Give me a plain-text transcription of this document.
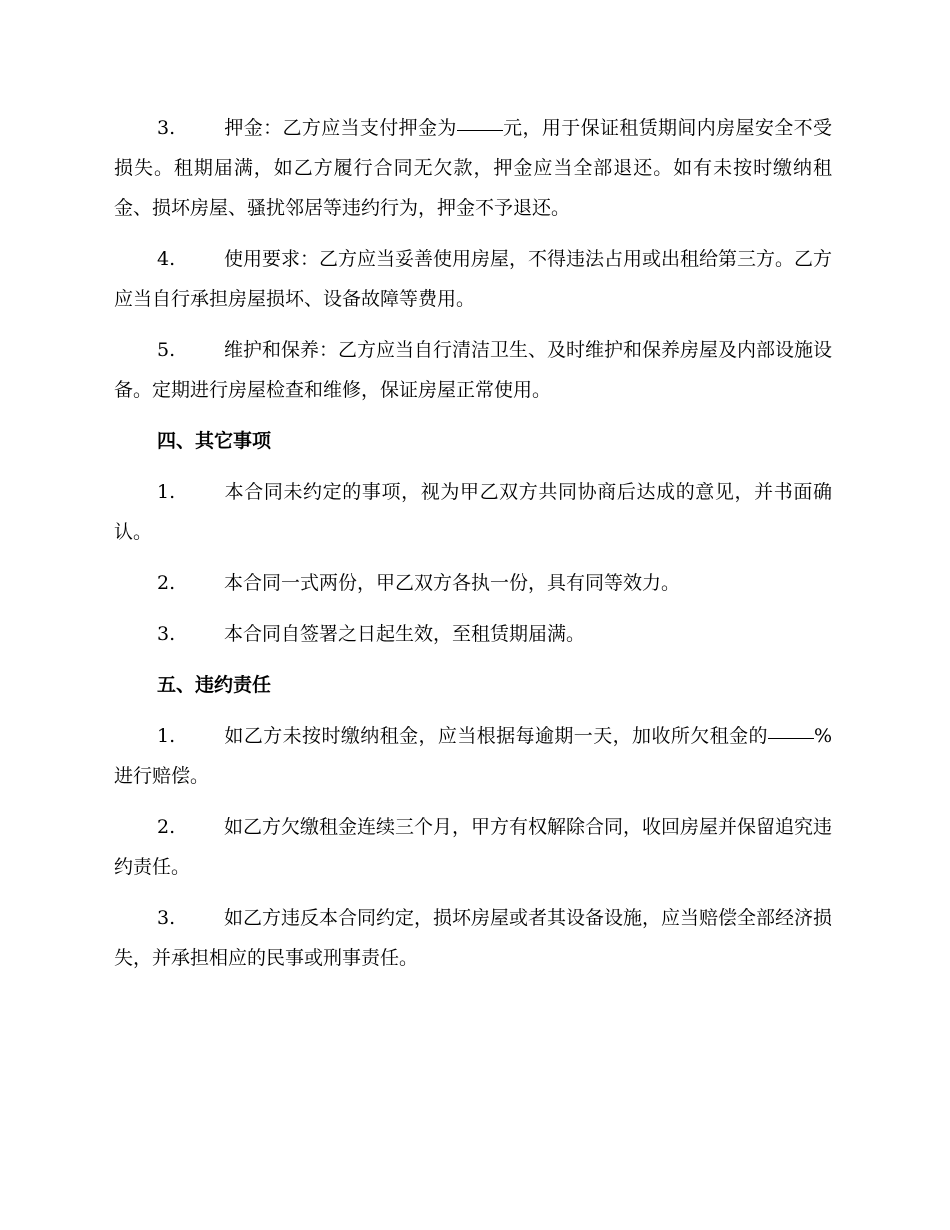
3.	押金：乙方应当支付押金为 元，用于保证租赁期间内房屋安全不受损失。租期届满，如乙方履行合同无欠款，押金应当全部退还。如有未按时缴纳租金、损坏房屋、骚扰邻居等违约行为，押金不予退还。

4.	使用要求：乙方应当妥善使用房屋，不得违法占用或出租给第三方。乙方应当自行承担房屋损坏、设备故障等费用。

5.	维护和保养：乙方应当自行清洁卫生、及时维护和保养房屋及内部设施设备。定期进行房屋检查和维修，保证房屋正常使用。

四、其它事项

1.	本合同未约定的事项，视为甲乙双方共同协商后达成的意见，并书面确认。

2.	本合同一式两份，甲乙双方各执一份，具有同等效力。

3.	本合同自签署之日起生效，至租赁期届满。

五、违约责任

1.	如乙方未按时缴纳租金，应当根据每逾期一天，加收所欠租金的 %进行赔偿。

2.	如乙方欠缴租金连续三个月，甲方有权解除合同，收回房屋并保留追究违约责任。

3.	如乙方违反本合同约定，损坏房屋或者其设备设施，应当赔偿全部经济损失，并承担相应的民事或刑事责任。
